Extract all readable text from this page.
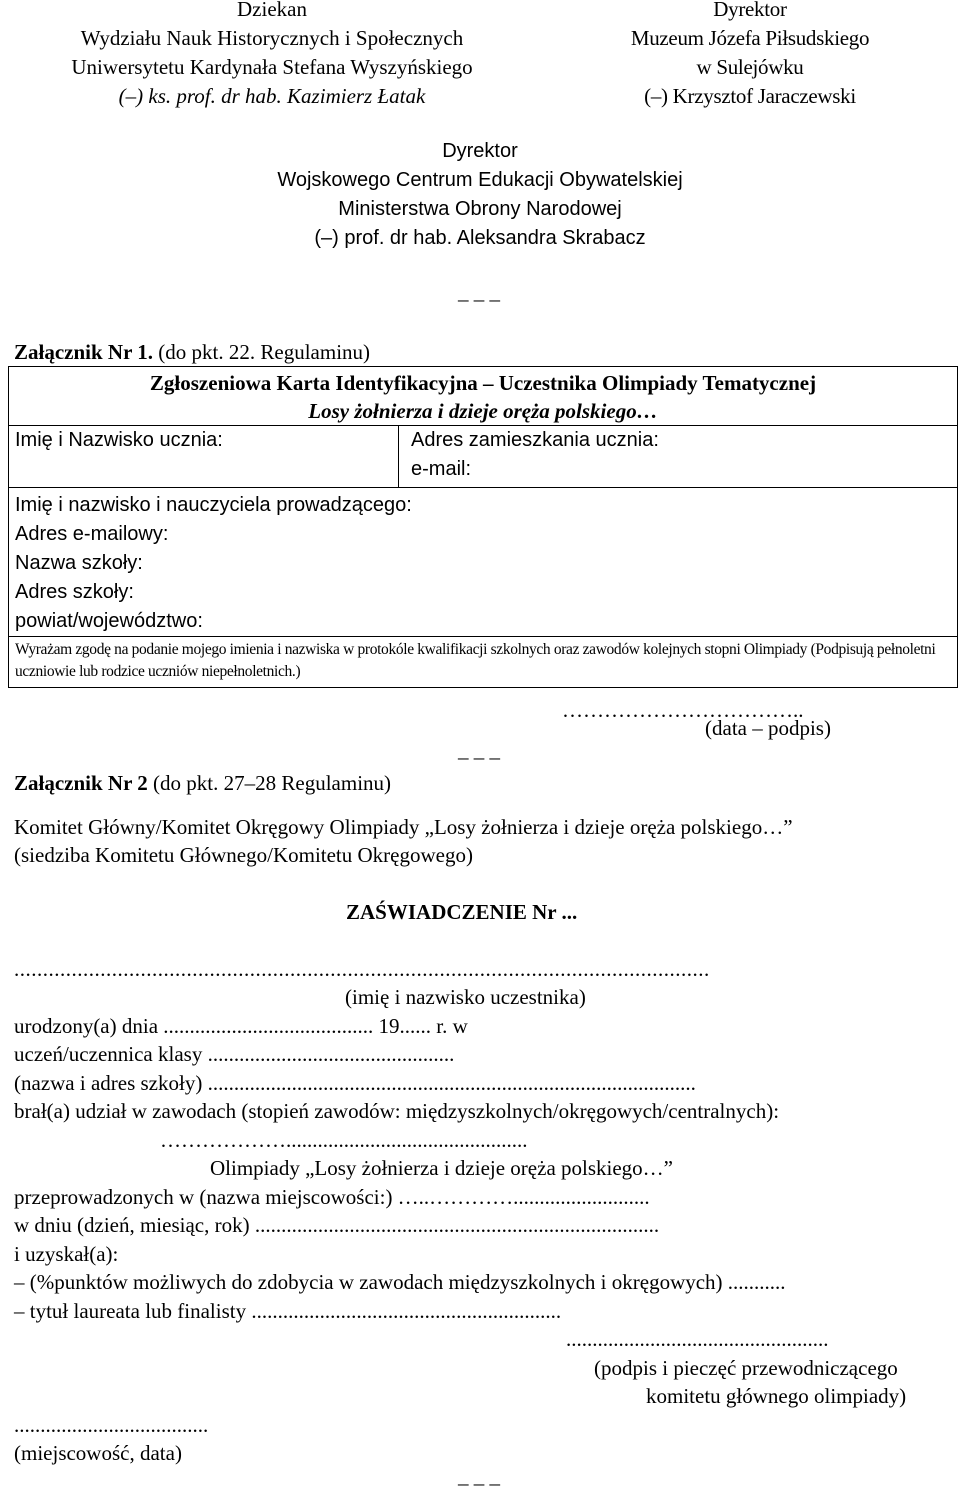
Dziekan
Wydziału Nauk Historycznych i Społecznych
Uniwersytetu Kardynała Stefana Wyszyńskiego
(–) ks. prof. dr hab. Kazimierz Łatak
Dyrektor
Muzeum Józefa Piłsudskiego
w Sulejówku
(–) Krzysztof Jaraczewski
Dyrektor
Wojskowego Centrum Edukacji Obywatelskiej
Ministerstwa Obrony Narodowej
(–) prof. dr hab. Aleksandra Skrabacz
_ _ _
Załącznik Nr 1. (do pkt. 22. Regulaminu)
Zgłoszeniowa Karta Identyfikacyjna – Uczestnika Olimpiady Tematycznej
Losy żołnierza i dzieje oręża polskiego…

Imię i Nazwisko ucznia:	Adres zamieszkania ucznia:
e-mail:

Imię i nazwisko i nauczyciela prowadzącego:
Adres e-mailowy:
Nazwa szkoły:
Adres szkoły:
powiat/województwo:

Wyrażam zgodę na podanie mojego imienia i nazwiska w protokóle kwalifikacji szkolnych oraz zawodów kolejnych stopni Olimpiady (Podpisują pełnoletni uczniowie lub rodzice uczniów niepełnoletnich.)
……………………………..
(data – podpis)
_ _ _
Załącznik Nr 2 (do pkt. 27–28 Regulaminu)
Komitet Główny/Komitet Okręgowy Olimpiady „Losy żołnierza i dzieje oręża polskiego…”
(siedziba Komitetu Głównego/Komitetu Okręgowego)
ZAŚWIADCZENIE Nr ...
.........................................................................................................................
(imię i nazwisko uczestnika)
urodzony(a) dnia ........................................ 19...... r. w
uczeń/uczennica klasy ...............................................
(nazwa i adres szkoły) .............................................................................................
brał(a) udział w zawodach (stopień zawodów: międzyszkolnych/okręgowych/centralnych):
………………..............................................
Olimpiady „Losy żołnierza i dzieje oręża polskiego…”
przeprowadzonych w (nazwa miejscowości:) …..…………..........................
w dniu (dzień, miesiąc, rok) .............................................................................
i uzyskał(a):
– (%punktów możliwych do zdobycia w zawodach międzyszkolnych i okręgowych) ...........
– tytuł laureata lub finalisty ...........................................................
..................................................
(podpis i pieczęć przewodniczącego
komitetu głównego olimpiady)
.....................................
(miejscowość, data)
_ _ _
